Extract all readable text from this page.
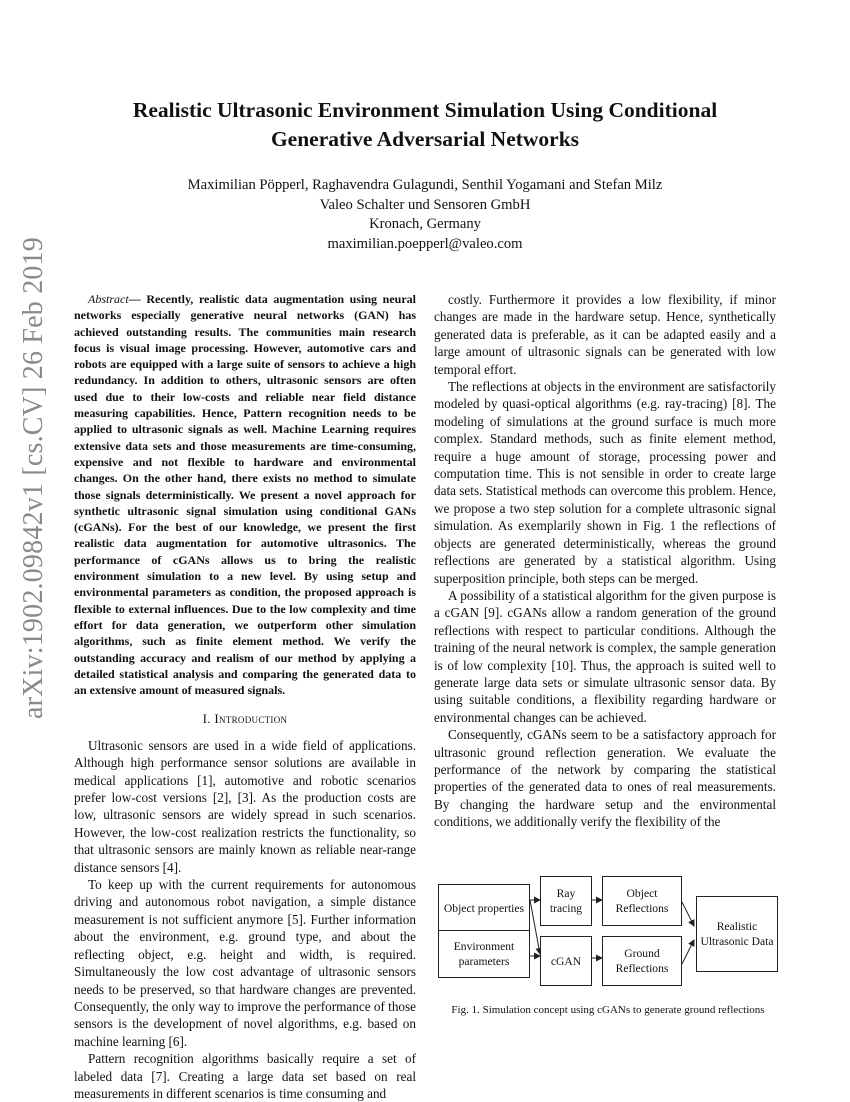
arXiv:1902.09842v1 [cs.CV] 26 Feb 2019
Realistic Ultrasonic Environment Simulation Using Conditional
Generative Adversarial Networks
Maximilian Pöpperl, Raghavendra Gulagundi, Senthil Yogamani and Stefan Milz
Valeo Schalter und Sensoren GmbH
Kronach, Germany
maximilian.poepperl@valeo.com

Abstract— Recently, realistic data augmentation using neural networks especially generative neural networks (GAN) has achieved outstanding results. The communities main research focus is visual image processing. However, automotive cars and robots are equipped with a large suite of sensors to achieve a high redundancy. In addition to others, ultrasonic sensors are often used due to their low-costs and reliable near field distance measuring capabilities. Hence, Pattern recognition needs to be applied to ultrasonic signals as well. Machine Learning requires extensive data sets and those measurements are time-consuming, expensive and not flexible to hardware and environmental changes. On the other hand, there exists no method to simulate those signals deterministically. We present a novel approach for synthetic ultrasonic signal simulation using conditional GANs (cGANs). For the best of our knowledge, we present the first realistic data augmentation for automotive ultrasonics. The performance of cGANs allows us to bring the realistic environment simulation to a new level. By using setup and environmental parameters as condition, the proposed approach is flexible to external influences. Due to the low complexity and time effort for data generation, we outperform other simulation algorithms, such as finite element method. We verify the outstanding accuracy and realism of our method by applying a detailed statistical analysis and comparing the generated data to an extensive amount of measured signals.

I. Introduction

Ultrasonic sensors are used in a wide field of applications. Although high performance sensor solutions are available in medical applications [1], automotive and robotic scenarios prefer low-cost versions [2], [3]. As the production costs are low, ultrasonic sensors are widely spread in such scenarios. However, the low-cost realization restricts the functionality, so that ultrasonic sensors are mainly known as reliable near-range distance sensors [4].

To keep up with the current requirements for autonomous driving and autonomous robot navigation, a simple distance measurement is not sufficient anymore [5]. Further information about the environment, e.g. ground type, and about the reflecting object, e.g. height and width, is required. Simultaneously the low cost advantage of ultrasonic sensors needs to be preserved, so that hardware changes are prevented. Consequently, the only way to improve the performance of those sensors is the development of novel algorithms, e.g. based on machine learning [6].

Pattern recognition algorithms basically require a set of labeled data [7]. Creating a large data set based on real measurements in different scenarios is time consuming and

costly. Furthermore it provides a low flexibility, if minor changes are made in the hardware setup. Hence, synthetically generated data is preferable, as it can be adapted easily and a large amount of ultrasonic signals can be generated with low temporal effort.

The reflections at objects in the environment are satisfactorily modeled by quasi-optical algorithms (e.g. ray-tracing) [8]. The modeling of simulations at the ground surface is much more complex. Standard methods, such as finite element method, require a huge amount of storage, processing power and computation time. This is not sensible in order to create large data sets. Statistical methods can overcome this problem. Hence, we propose a two step solution for a complete ultrasonic signal simulation. As exemplarily shown in Fig. 1 the reflections of objects are generated deterministically, whereas the ground reflections are generated by a statistical algorithm. Using superposition principle, both steps can be merged.

A possibility of a statistical algorithm for the given purpose is a cGAN [9]. cGANs allow a random generation of the ground reflections with respect to particular conditions. Although the training of the neural network is complex, the sample generation is of low complexity [10]. Thus, the approach is suited well to generate large data sets or simulate ultrasonic sensor data. By using suitable conditions, a flexibility regarding hardware or environmental changes can be achieved.

Consequently, cGANs seem to be a satisfactory approach for ultrasonic ground reflection generation. We evaluate the performance of the network by comparing the statistical properties of the generated data to ones of real measurements. By changing the hardware setup and the environmental conditions, we additionally verify the flexibility of the

Object properties
Environment parameters
Ray tracing
cGAN
Object Reflections
Ground Reflections
Realistic Ultrasonic Data
Fig. 1. Simulation concept using cGANs to generate ground reflections
